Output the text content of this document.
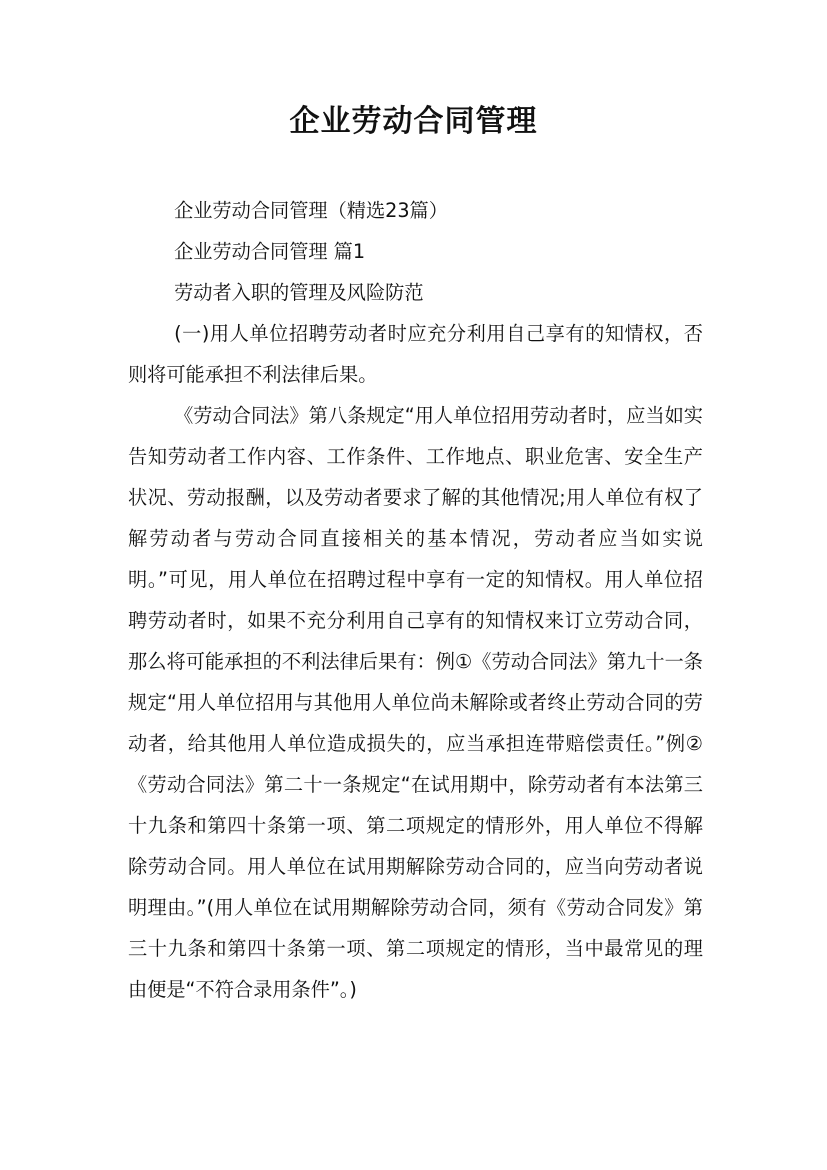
企业劳动合同管理

企业劳动合同管理（精选23篇）

企业劳动合同管理 篇1

劳动者入职的管理及风险防范

(一)用人单位招聘劳动者时应充分利用自己享有的知情权，否则将可能承担不利法律后果。

《劳动合同法》第八条规定“用人单位招用劳动者时，应当如实告知劳动者工作内容、工作条件、工作地点、职业危害、安全生产状况、劳动报酬，以及劳动者要求了解的其他情况;用人单位有权了解劳动者与劳动合同直接相关的基本情况，劳动者应当如实说明。”可见，用人单位在招聘过程中享有一定的知情权。用人单位招聘劳动者时，如果不充分利用自己享有的知情权来订立劳动合同，那么将可能承担的不利法律后果有：例①《劳动合同法》第九十一条规定“用人单位招用与其他用人单位尚未解除或者终止劳动合同的劳动者，给其他用人单位造成损失的，应当承担连带赔偿责任。”例②《劳动合同法》第二十一条规定“在试用期中，除劳动者有本法第三十九条和第四十条第一项、第二项规定的情形外，用人单位不得解除劳动合同。用人单位在试用期解除劳动合同的，应当向劳动者说明理由。”(用人单位在试用期解除劳动合同，须有《劳动合同发》第三十九条和第四十条第一项、第二项规定的情形，当中最常见的理由便是“不符合录用条件”。)
